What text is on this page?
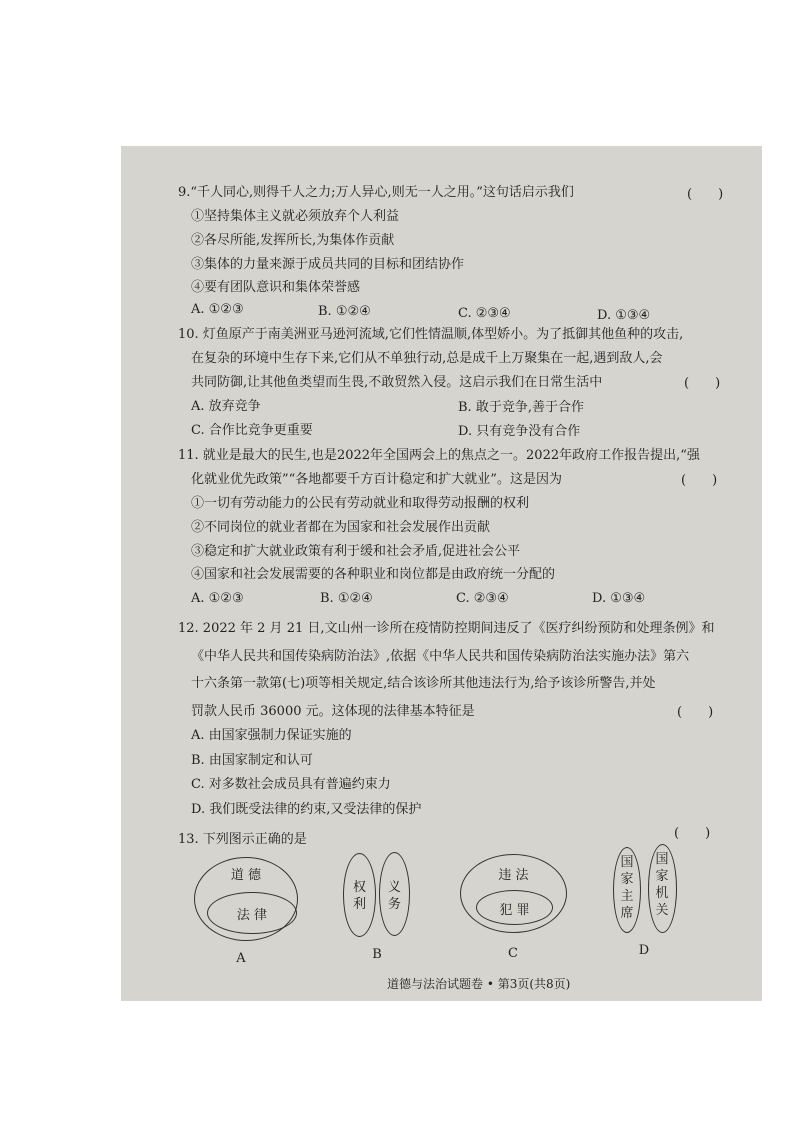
9.“千人同心,则得千人之力;万人异心,则无一人之用。”这句话启示我们	(　　)
①坚持集体主义就必须放弃个人利益
②各尽所能,发挥所长,为集体作贡献
③集体的力量来源于成员共同的目标和团结协作
④要有团队意识和集体荣誉感
A. ①②③	B. ①②④	C. ②③④	D. ①③④
10. 灯鱼原产于南美洲亚马逊河流域,它们性情温顺,体型娇小。为了抵御其他鱼种的攻击,
在复杂的环境中生存下来,它们从不单独行动,总是成千上万聚集在一起,遇到敌人,会
共同防御,让其他鱼类望而生畏,不敢贸然入侵。这启示我们在日常生活中	(　　)
A. 放弃竞争	B. 敢于竞争,善于合作
C. 合作比竞争更重要	D. 只有竞争没有合作
11. 就业是最大的民生,也是2022年全国两会上的焦点之一。2022年政府工作报告提出,“强
化就业优先政策”“各地都要千方百计稳定和扩大就业”。这是因为	(　　)
①一切有劳动能力的公民有劳动就业和取得劳动报酬的权利
②不同岗位的就业者都在为国家和社会发展作出贡献
③稳定和扩大就业政策有利于缓和社会矛盾,促进社会公平
④国家和社会发展需要的各种职业和岗位都是由政府统一分配的
A. ①②③	B. ①②④	C. ②③④	D. ①③④
12. 2022 年 2 月 21 日,文山州一诊所在疫情防控期间违反了《医疗纠纷预防和处理条例》和
《中华人民共和国传染病防治法》,依据《中华人民共和国传染病防治法实施办法》第六
十六条第一款第(七)项等相关规定,结合该诊所其他违法行为,给予该诊所警告,并处
罚款人民币 36000 元。这体现的法律基本特征是	(　　)
A. 由国家强制力保证实施的
B. 由国家制定和认可
C. 对多数社会成员具有普遍约束力
D. 我们既受法律的约束,又受法律的保护
(　　)
13. 下列图示正确的是
道 德
法 律
A
权利
义务
B
违 法
犯 罪
C
国家主席
国家机关
D
道德与法治试题卷 • 第3页(共8页)
